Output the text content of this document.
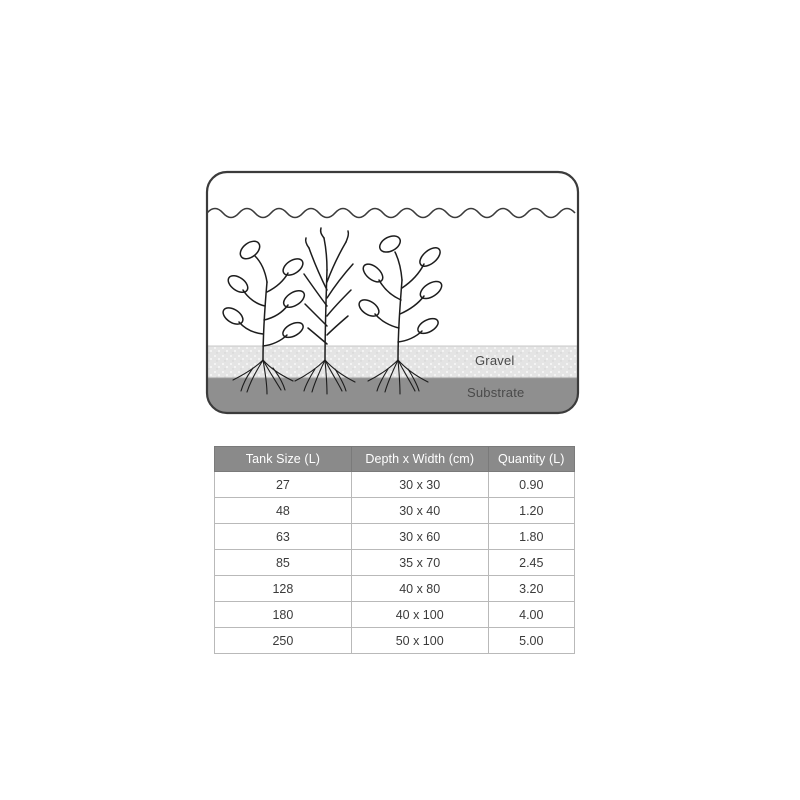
Gravel
Substrate
Tank Size (L)	Depth x Width (cm)	Quantity (L)
27	30 x 30	0.90
48	30 x 40	1.20
63	30 x 60	1.80
85	35 x 70	2.45
128	40 x 80	3.20
180	40 x 100	4.00
250	50 x 100	5.00
